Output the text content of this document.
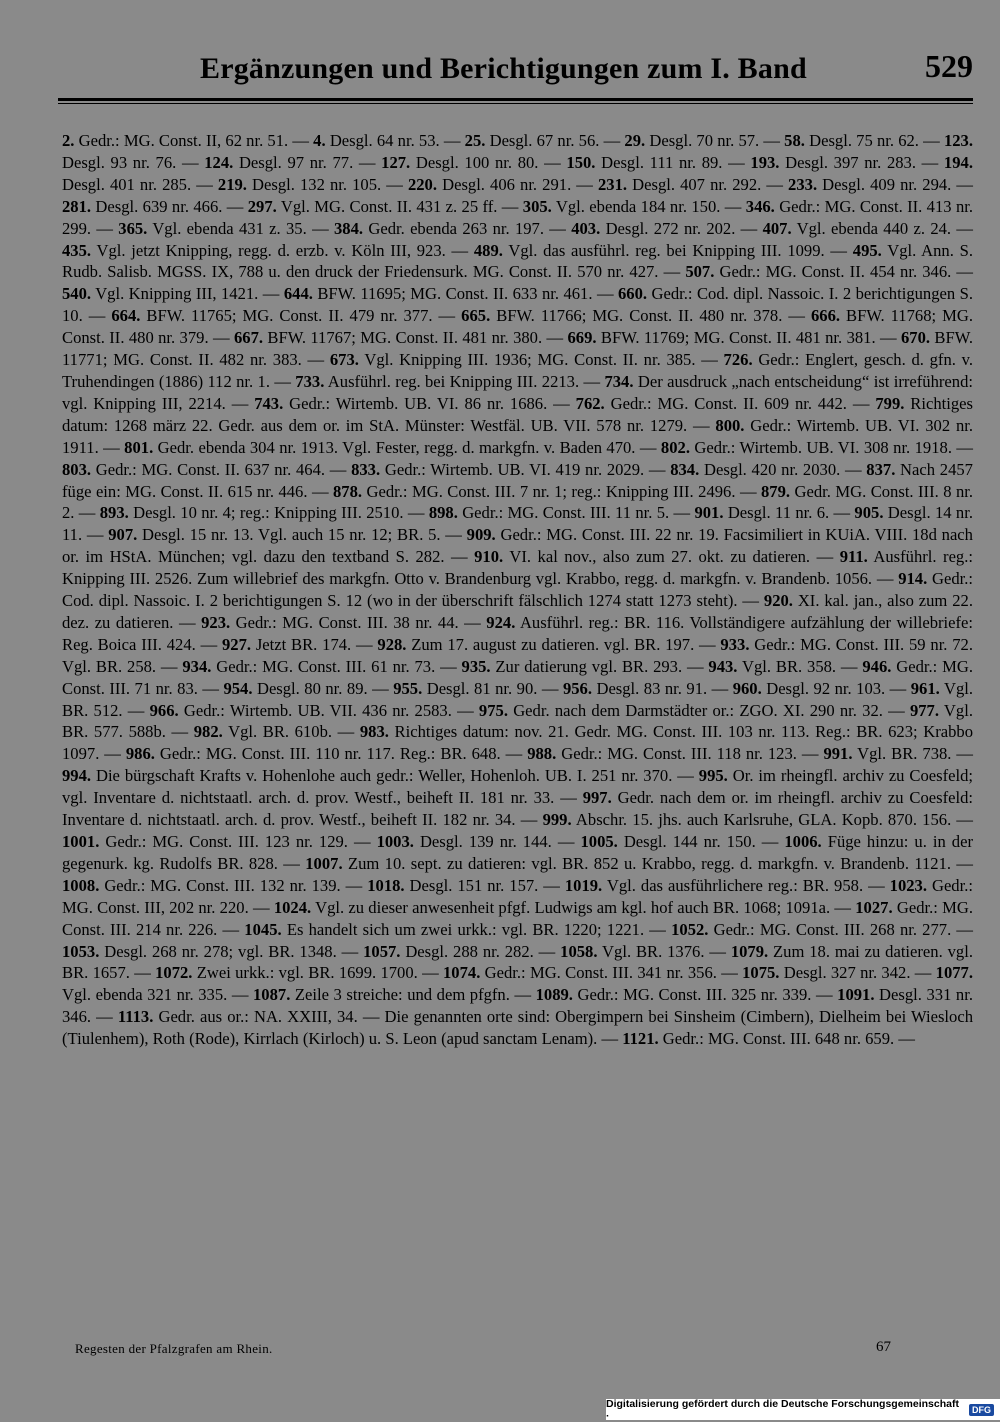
Ergänzungen und Berichtigungen zum I. Band	529
2. Gedr.: MG. Const. II, 62 nr. 51. — 4. Desgl. 64 nr. 53. — 25. Desgl. 67 nr. 56. — 29. Desgl. 70 nr. 57. — 58. Desgl. 75 nr. 62. — 123. Desgl. 93 nr. 76. — 124. Desgl. 97 nr. 77. — 127. Desgl. 100 nr. 80. — 150. Desgl. 111 nr. 89. — 193. Desgl. 397 nr. 283. — 194. Desgl. 401 nr. 285. — 219. Desgl. 132 nr. 105. — 220. Desgl. 406 nr. 291. — 231. Desgl. 407 nr. 292. — 233. Desgl. 409 nr. 294. — 281. Desgl. 639 nr. 466. — 297. Vgl. MG. Const. II. 431 z. 25 ff. — 305. Vgl. ebenda 184 nr. 150. — 346. Gedr.: MG. Const. II. 413 nr. 299. — 365. Vgl. ebenda 431 z. 35. — 384. Gedr. ebenda 263 nr. 197. — 403. Desgl. 272 nr. 202. — 407. Vgl. ebenda 440 z. 24. — 435. Vgl. jetzt Knipping, regg. d. erzb. v. Köln III, 923. — 489. Vgl. das ausführl. reg. bei Knipping III. 1099. — 495. Vgl. Ann. S. Rudb. Salisb. MGSS. IX, 788 u. den druck der Friedensurk. MG. Const. II. 570 nr. 427. — 507. Gedr.: MG. Const. II. 454 nr. 346. — 540. Vgl. Knipping III, 1421. — 644. BFW. 11695; MG. Const. II. 633 nr. 461. — 660. Gedr.: Cod. dipl. Nassoic. I. 2 berichtigungen S. 10. — 664. BFW. 11765; MG. Const. II. 479 nr. 377. — 665. BFW. 11766; MG. Const. II. 480 nr. 378. — 666. BFW. 11768; MG. Const. II. 480 nr. 379. — 667. BFW. 11767; MG. Const. II. 481 nr. 380. — 669. BFW. 11769; MG. Const. II. 481 nr. 381. — 670. BFW. 11771; MG. Const. II. 482 nr. 383. — 673. Vgl. Knipping III. 1936; MG. Const. II. nr. 385. — 726. Gedr.: Englert, gesch. d. gfn. v. Truhendingen (1886) 112 nr. 1. — 733. Ausführl. reg. bei Knipping III. 2213. — 734. Der ausdruck „nach entscheidung“ ist irreführend: vgl. Knipping III, 2214. — 743. Gedr.: Wirtemb. UB. VI. 86 nr. 1686. — 762. Gedr.: MG. Const. II. 609 nr. 442. — 799. Richtiges datum: 1268 märz 22. Gedr. aus dem or. im StA. Münster: Westfäl. UB. VII. 578 nr. 1279. — 800. Gedr.: Wirtemb. UB. VI. 302 nr. 1911. — 801. Gedr. ebenda 304 nr. 1913. Vgl. Fester, regg. d. markgfn. v. Baden 470. — 802. Gedr.: Wirtemb. UB. VI. 308 nr. 1918. — 803. Gedr.: MG. Const. II. 637 nr. 464. — 833. Gedr.: Wirtemb. UB. VI. 419 nr. 2029. — 834. Desgl. 420 nr. 2030. — 837. Nach 2457 füge ein: MG. Const. II. 615 nr. 446. — 878. Gedr.: MG. Const. III. 7 nr. 1; reg.: Knipping III. 2496. — 879. Gedr. MG. Const. III. 8 nr. 2. — 893. Desgl. 10 nr. 4; reg.: Knipping III. 2510. — 898. Gedr.: MG. Const. III. 11 nr. 5. — 901. Desgl. 11 nr. 6. — 905. Desgl. 14 nr. 11. — 907. Desgl. 15 nr. 13. Vgl. auch 15 nr. 12; BR. 5. — 909. Gedr.: MG. Const. III. 22 nr. 19. Facsimiliert in KUiA. VIII. 18d nach or. im HStA. München; vgl. dazu den textband S. 282. — 910. VI. kal nov., also zum 27. okt. zu datieren. — 911. Ausführl. reg.: Knipping III. 2526. Zum willebrief des markgfn. Otto v. Brandenburg vgl. Krabbo, regg. d. markgfn. v. Brandenb. 1056. — 914. Gedr.: Cod. dipl. Nassoic. I. 2 berichtigungen S. 12 (wo in der überschrift fälschlich 1274 statt 1273 steht). — 920. XI. kal. jan., also zum 22. dez. zu datieren. — 923. Gedr.: MG. Const. III. 38 nr. 44. — 924. Ausführl. reg.: BR. 116. Vollständigere aufzählung der willebriefe: Reg. Boica III. 424. — 927. Jetzt BR. 174. — 928. Zum 17. august zu datieren. vgl. BR. 197. — 933. Gedr.: MG. Const. III. 59 nr. 72. Vgl. BR. 258. — 934. Gedr.: MG. Const. III. 61 nr. 73. — 935. Zur datierung vgl. BR. 293. — 943. Vgl. BR. 358. — 946. Gedr.: MG. Const. III. 71 nr. 83. — 954. Desgl. 80 nr. 89. — 955. Desgl. 81 nr. 90. — 956. Desgl. 83 nr. 91. — 960. Desgl. 92 nr. 103. — 961. Vgl. BR. 512. — 966. Gedr.: Wirtemb. UB. VII. 436 nr. 2583. — 975. Gedr. nach dem Darmstädter or.: ZGO. XI. 290 nr. 32. — 977. Vgl. BR. 577. 588b. — 982. Vgl. BR. 610b. — 983. Richtiges datum: nov. 21. Gedr. MG. Const. III. 103 nr. 113. Reg.: BR. 623; Krabbo 1097. — 986. Gedr.: MG. Const. III. 110 nr. 117. Reg.: BR. 648. — 988. Gedr.: MG. Const. III. 118 nr. 123. — 991. Vgl. BR. 738. — 994. Die bürgschaft Krafts v. Hohenlohe auch gedr.: Weller, Hohenloh. UB. I. 251 nr. 370. — 995. Or. im rheingfl. archiv zu Coesfeld; vgl. Inventare d. nichtstaatl. arch. d. prov. Westf., beiheft II. 181 nr. 33. — 997. Gedr. nach dem or. im rheingfl. archiv zu Coesfeld: Inventare d. nichtstaatl. arch. d. prov. Westf., beiheft II. 182 nr. 34. — 999. Abschr. 15. jhs. auch Karlsruhe, GLA. Kopb. 870. 156. — 1001. Gedr.: MG. Const. III. 123 nr. 129. — 1003. Desgl. 139 nr. 144. — 1005. Desgl. 144 nr. 150. — 1006. Füge hinzu: u. in der gegenurk. kg. Rudolfs BR. 828. — 1007. Zum 10. sept. zu datieren: vgl. BR. 852 u. Krabbo, regg. d. markgfn. v. Brandenb. 1121. — 1008. Gedr.: MG. Const. III. 132 nr. 139. — 1018. Desgl. 151 nr. 157. — 1019. Vgl. das ausführlichere reg.: BR. 958. — 1023. Gedr.: MG. Const. III, 202 nr. 220. — 1024. Vgl. zu dieser anwesenheit pfgf. Ludwigs am kgl. hof auch BR. 1068; 1091a. — 1027. Gedr.: MG. Const. III. 214 nr. 226. — 1045. Es handelt sich um zwei urkk.: vgl. BR. 1220; 1221. — 1052. Gedr.: MG. Const. III. 268 nr. 277. — 1053. Desgl. 268 nr. 278; vgl. BR. 1348. — 1057. Desgl. 288 nr. 282. — 1058. Vgl. BR. 1376. — 1079. Zum 18. mai zu datieren. vgl. BR. 1657. — 1072. Zwei urkk.: vgl. BR. 1699. 1700. — 1074. Gedr.: MG. Const. III. 341 nr. 356. — 1075. Desgl. 327 nr. 342. — 1077. Vgl. ebenda 321 nr. 335. — 1087. Zeile 3 streiche: und dem pfgfn. — 1089. Gedr.: MG. Const. III. 325 nr. 339. — 1091. Desgl. 331 nr. 346. — 1113. Gedr. aus or.: NA. XXIII, 34. — Die genannten orte sind: Obergimpern bei Sinsheim (Cimbern), Dielheim bei Wiesloch (Tiulenhem), Roth (Rode), Kirrlach (Kirloch) u. S. Leon (apud sanctam Lenam). — 1121. Gedr.: MG. Const. III. 648 nr. 659. —
Regesten der Pfalzgrafen am Rhein.	67
Digitalisierung gefördert durch die Deutsche Forschungsgemeinschaft ·	DFG
